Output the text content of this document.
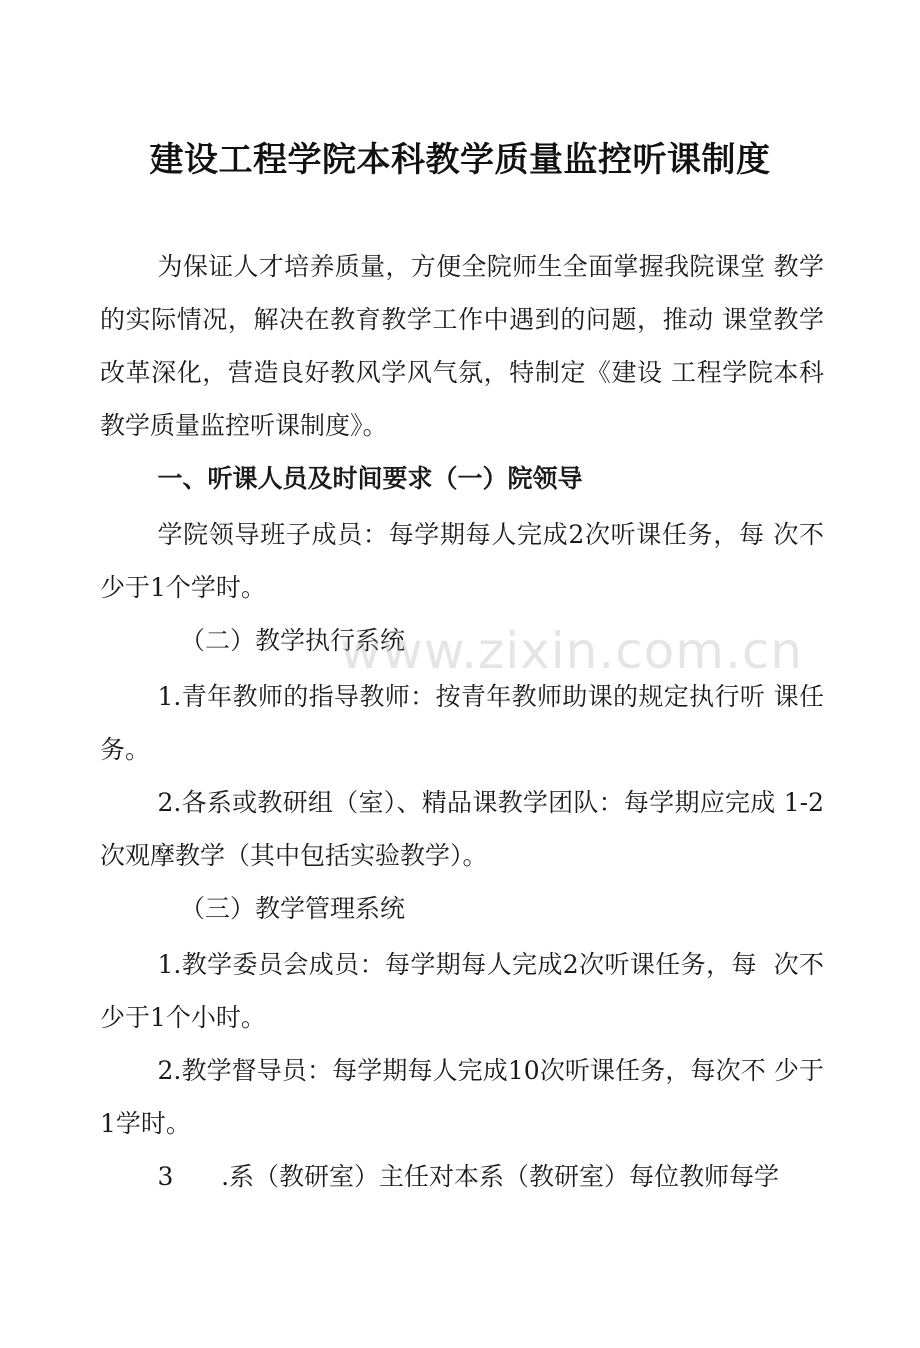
建设工程学院本科教学质量监控听课制度
为保证人才培养质量，方便全院师生全面掌握我院课堂 教学的实际情况，解决在教育教学工作中遇到的问题，推动 课堂教学改革深化，营造良好教风学风气氛，特制定《建设 工程学院本科教学质量监控听课制度》。
一、听课人员及时间要求（一）院领导
学院领导班子成员：每学期每人完成2次听课任务，每 次不少于1个学时。
（二）教学执行系统
1.青年教师的指导教师：按青年教师助课的规定执行听 课任务。
2.各系或教研组（室）、精品课教学团队：每学期应完成 1-2次观摩教学（其中包括实验教学）。
（三）教学管理系统
1.教学委员会成员：每学期每人完成2次听课任务，每  次不少于1个小时。
2.教学督导员：每学期每人完成10次听课任务，每次不 少于1学时。
3      .系（教研室）主任对本系（教研室）每位教师每学
www.zixin.com.cn
